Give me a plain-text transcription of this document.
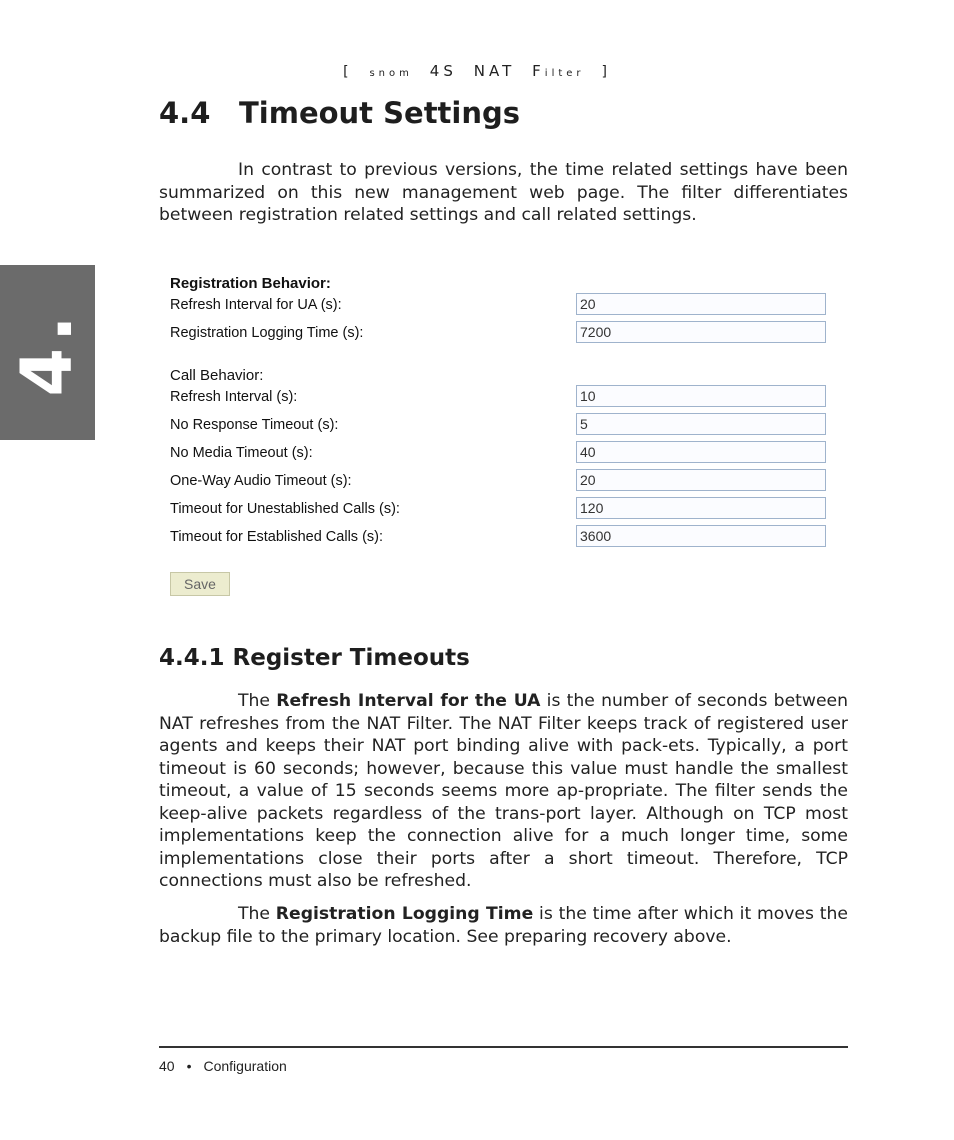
[ snom 4S NAT Filter ]
4.
4.4 Timeout Settings

In contrast to previous versions, the time related settings have been summarized on this new management web page. The filter differentiates between registration related settings and call related settings.

Registration Behavior:
Refresh Interval for UA (s):	20
Registration Logging Time (s):	7200
Call Behavior:
Refresh Interval (s):	10
No Response Timeout (s):	5
No Media Timeout (s):	40
One-Way Audio Timeout (s):	20
Timeout for Unestablished Calls (s):	120
Timeout for Established Calls (s):	3600
Save
4.4.1 Register Timeouts

The Refresh Interval for the UA is the number of seconds between NAT refreshes from the NAT Filter. The NAT Filter keeps track of registered user agents and keeps their NAT port binding alive with pack-ets. Typically, a port timeout is 60 seconds; however, because this value must handle the smallest timeout, a value of 15 seconds seems more ap-propriate. The filter sends the keep-alive packets regardless of the trans-port layer. Although on TCP most implementations keep the connection alive for a much longer time, some implementations close their ports after a short timeout. Therefore, TCP connections must also be refreshed.

The Registration Logging Time is the time after which it moves the backup file to the primary location. See preparing recovery above.

40 • Configuration
